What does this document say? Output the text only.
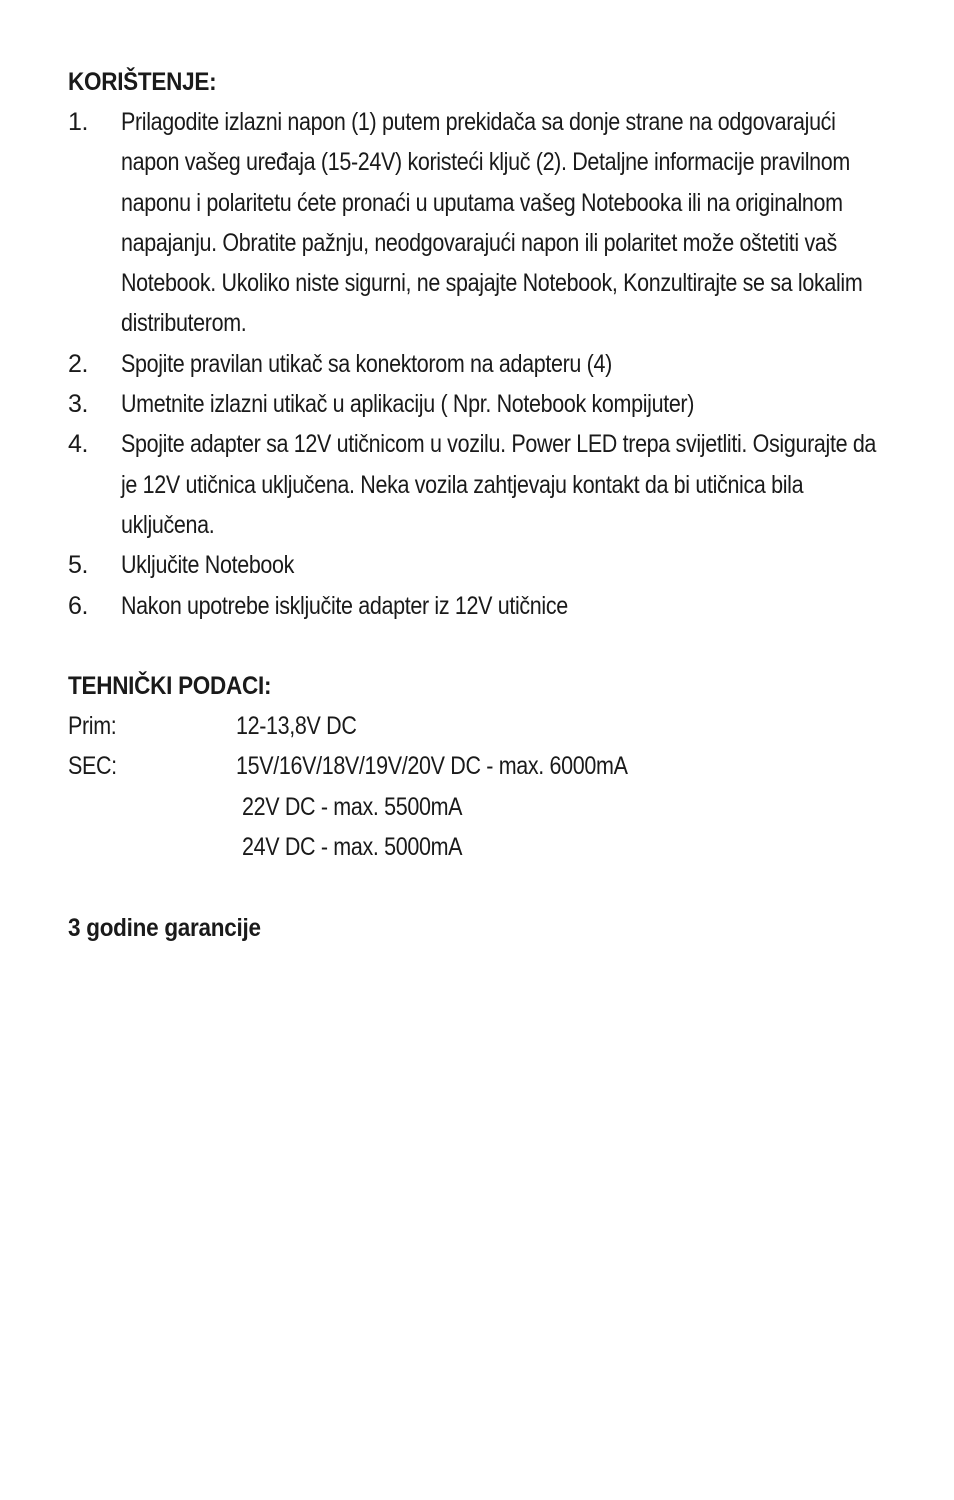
KORIŠTENJE:
1. Prilagodite izlazni napon (1) putem prekidača sa donje strane na odgovarajući napon vašeg uređaja (15-24V) koristeći ključ (2). Detaljne informacije pravilnom naponu i polaritetu ćete pronaći u uputama vašeg Notebooka ili na originalnom napajanju. Obratite pažnju, neodgovarajući napon ili polaritet može oštetiti vaš Notebook. Ukoliko niste sigurni, ne spajajte Notebook, Konzultirajte se sa lokalim distributerom.
2. Spojite pravilan utikač sa konektorom na adapteru (4)
3. Umetnite izlazni utikač u aplikaciju ( Npr. Notebook kompijuter)
4. Spojite adapter sa 12V utičnicom u vozilu. Power LED trepa svijetliti. Osigurajte da je 12V utičnica uključena. Neka vozila zahtjevaju kontakt da bi utičnica bila uključena.
5. Uključite Notebook
6. Nakon upotrebe isključite adapter iz 12V utičnice
TEHNIČKI PODACI:
Prim:	12-13,8V DC
SEC:	15V/16V/18V/19V/20V DC - max. 6000mA
22V DC - max. 5500mA
24V DC - max. 5000mA
3 godine garancije
